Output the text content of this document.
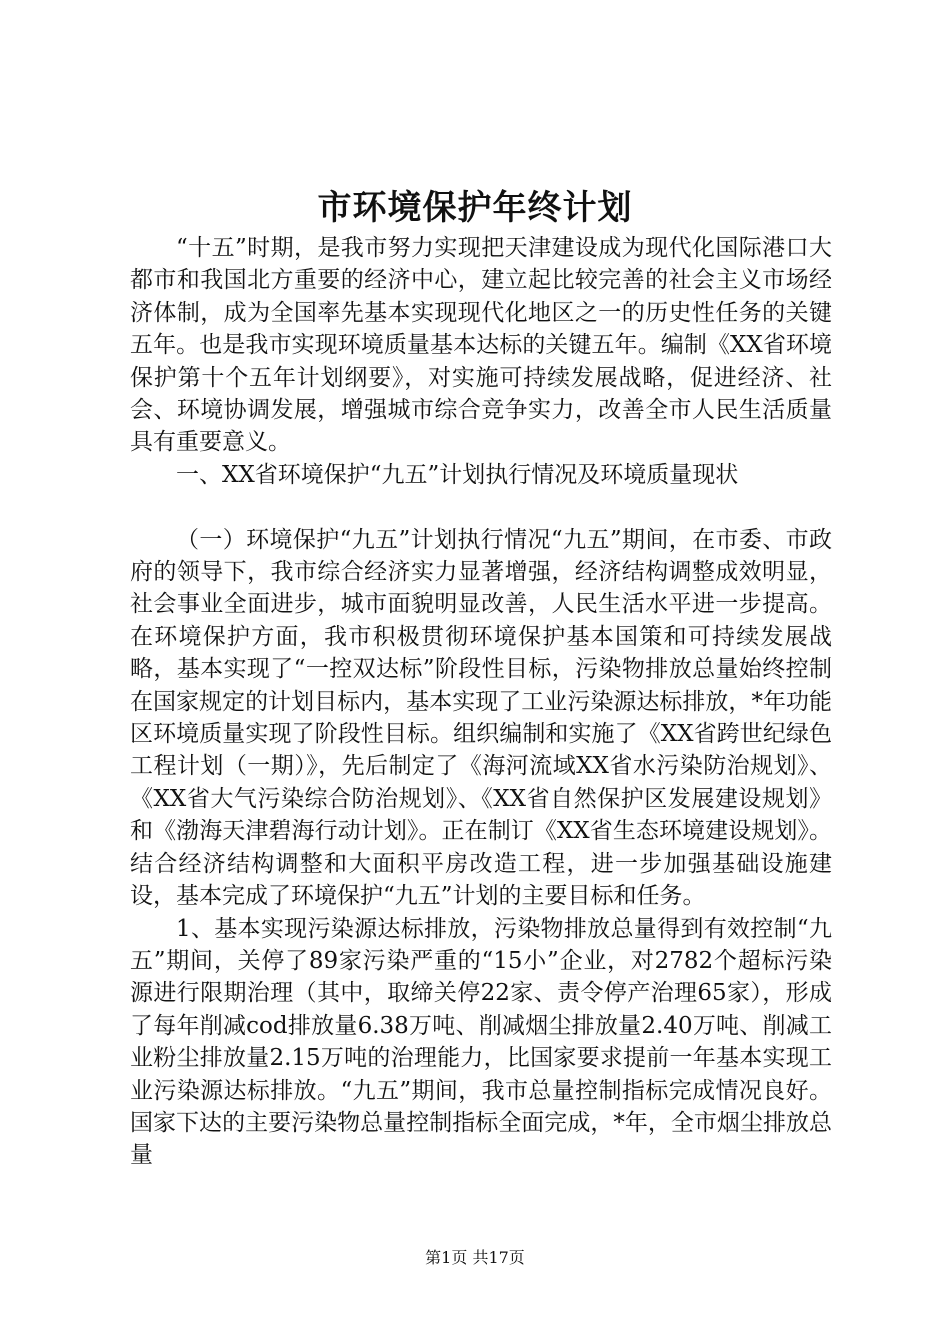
市环境保护年终计划

“十五”时期，是我市努力实现把天津建设成为现代化国际港口大都市和我国北方重要的经济中心，建立起比较完善的社会主义市场经济体制，成为全国率先基本实现现代化地区之一的历史性任务的关键五年。也是我市实现环境质量基本达标的关键五年。编制《XX省环境保护第十个五年计划纲要》，对实施可持续发展战略，促进经济、社会、环境协调发展，增强城市综合竞争实力，改善全市人民生活质量具有重要意义。

一、XX省环境保护“九五”计划执行情况及环境质量现状

（一）环境保护“九五”计划执行情况“九五”期间，在市委、市政府的领导下，我市综合经济实力显著增强，经济结构调整成效明显，社会事业全面进步，城市面貌明显改善，人民生活水平进一步提高。在环境保护方面，我市积极贯彻环境保护基本国策和可持续发展战略，基本实现了“一控双达标”阶段性目标，污染物排放总量始终控制在国家规定的计划目标内，基本实现了工业污染源达标排放，*年功能区环境质量实现了阶段性目标。组织编制和实施了《XX省跨世纪绿色工程计划（一期）》，先后制定了《海河流域XX省水污染防治规划》、《XX省大气污染综合防治规划》、《XX省自然保护区发展建设规划》和《渤海天津碧海行动计划》。正在制订《XX省生态环境建设规划》。结合经济结构调整和大面积平房改造工程，进一步加强基础设施建设，基本完成了环境保护“九五”计划的主要目标和任务。

1、基本实现污染源达标排放，污染物排放总量得到有效控制“九五”期间，关停了89家污染严重的“15小”企业，对2782个超标污染源进行限期治理（其中，取缔关停22家、责令停产治理65家），形成了每年削减cod排放量6.38万吨、削减烟尘排放量2.40万吨、削减工业粉尘排放量2.15万吨的治理能力，比国家要求提前一年基本实现工业污染源达标排放。“九五”期间，我市总量控制指标完成情况良好。国家下达的主要污染物总量控制指标全面完成，*年，全市烟尘排放总量

第1页 共17页
